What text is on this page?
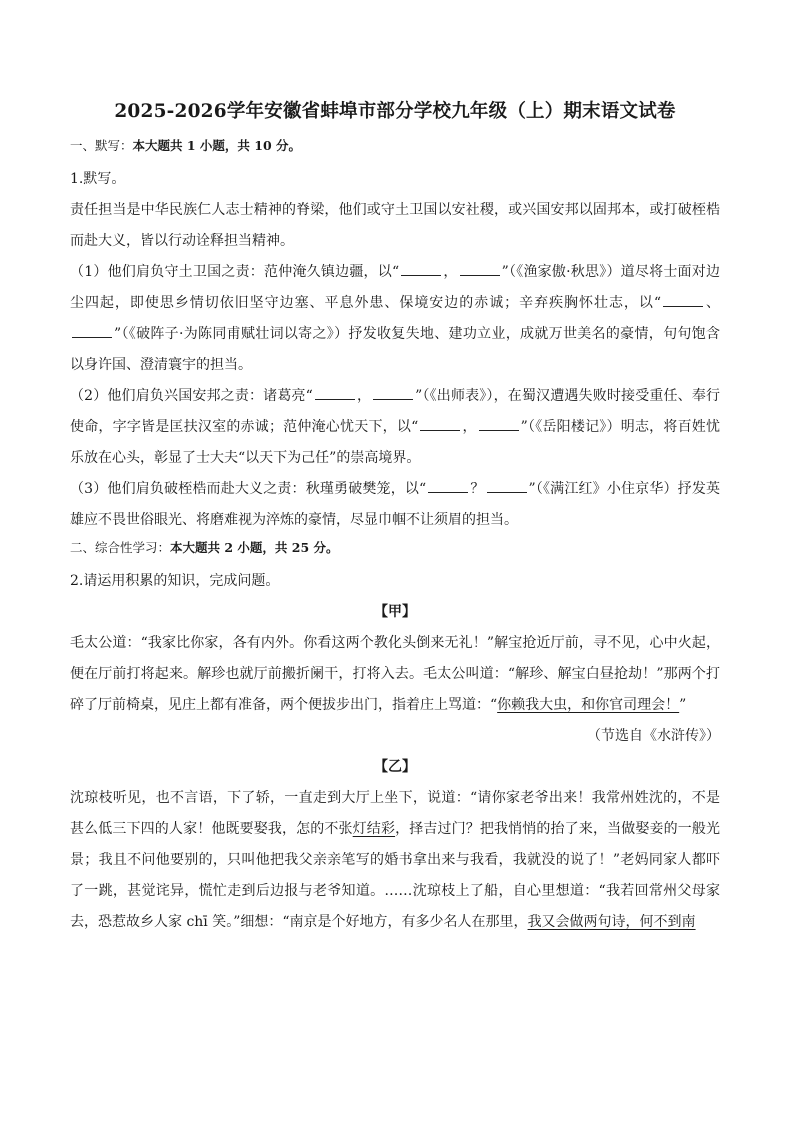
2025-2026学年安徽省蚌埠市部分学校九年级（上）期末语文试卷
一、默写：本大题共 1 小题，共 10 分。

1.默写。

责任担当是中华民族仁人志士精神的脊梁，他们或守土卫国以安社稷，或兴国安邦以固邦本，或打破桎梏而赴大义，皆以行动诠释担当精神。

（1）他们肩负守土卫国之责：范仲淹久镇边疆，以“	，	”（《渔家傲·秋思》）道尽将士面对边尘四起，即使思乡情切依旧坚守边塞、平息外患、保境安边的赤诚；辛弃疾胸怀壮志，以“	、”（《破阵子·为陈同甫赋壮词以寄之》）抒发收复失地、建功立业，成就万世美名的豪情，句句饱含以身许国、澄清寰宇的担当。

（2）他们肩负兴国安邦之责：诸葛亮“	，	”（《出师表》），在蜀汉遭遇失败时接受重任、奉行使命，字字皆是匡扶汉室的赤诚；范仲淹心忧天下，以“	，	”（《岳阳楼记》）明志，将百姓忧乐放在心头，彰显了士大夫“以天下为己任”的崇高境界。

（3）他们肩负破桎梏而赴大义之责：秋瑾勇破樊笼，以“	？	”（《满江红》小住京华）抒发英雄应不畏世俗眼光、将磨难视为淬炼的豪情，尽显巾帼不让须眉的担当。

二、综合性学习：本大题共 2 小题，共 25 分。

2.请运用积累的知识，完成问题。

【甲】

毛太公道：“我家比你家，各有内外。你看这两个教化头倒来无礼！”解宝抢近厅前，寻不见，心中火起，便在厅前打将起来。解珍也就厅前搬折阑干，打将入去。毛太公叫道：“解珍、解宝白昼抢劫！”那两个打碎了厅前椅桌，见庄上都有准备，两个便拔步出门，指着庄上骂道：“你赖我大虫，和你官司理会！”

（节选自《水浒传》）
【乙】

沈琼枝听见，也不言语，下了轿，一直走到大厅上坐下，说道：“请你家老爷出来！我常州姓沈的，不是甚么低三下四的人家！他既要娶我，怎的不张灯结彩，择吉过门？把我悄悄的抬了来，当做娶妾的一般光景；我且不问他要别的，只叫他把我父亲亲笔写的婚书拿出来与我看，我就没的说了！”老妈同家人都吓了一跳，甚觉诧异，慌忙走到后边报与老爷知道。……沈琼枝上了船，自心里想道：“我若回常州父母家去，恐惹故乡人家 chī 笑。”细想：“南京是个好地方，有多少名人在那里，我又会做两句诗，何不到南
